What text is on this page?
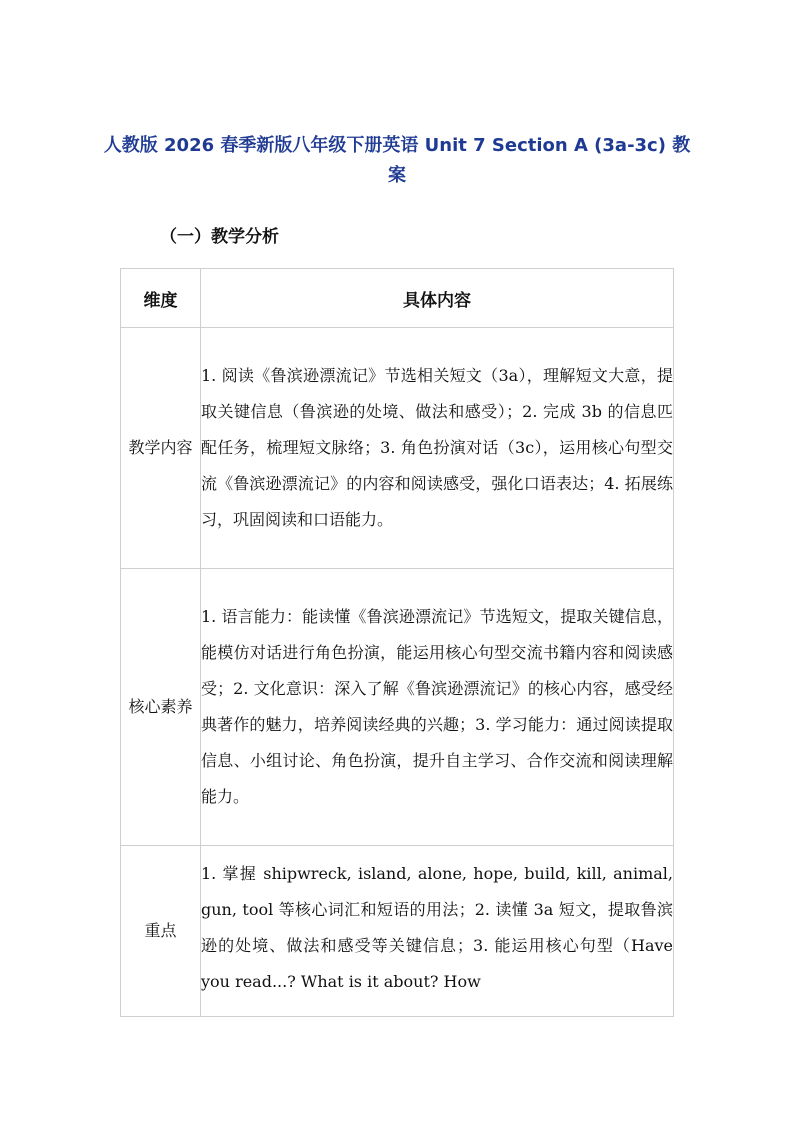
人教版 2026 春季新版八年级下册英语 Unit 7 Section A (3a-3c) 教案
（一）教学分析
维度	具体内容
教学内容	1. 阅读《鲁滨逊漂流记》节选相关短文（3a），理解短文大意，提取关键信息（鲁滨逊的处境、做法和感受）；2. 完成 3b 的信息匹配任务，梳理短文脉络；3. 角色扮演对话（3c），运用核心句型交流《鲁滨逊漂流记》的内容和阅读感受，强化口语表达；4. 拓展练习，巩固阅读和口语能力。
核心素养	1. 语言能力：能读懂《鲁滨逊漂流记》节选短文，提取关键信息，能模仿对话进行角色扮演，能运用核心句型交流书籍内容和阅读感受；2. 文化意识：深入了解《鲁滨逊漂流记》的核心内容，感受经典著作的魅力，培养阅读经典的兴趣；3. 学习能力：通过阅读提取信息、小组讨论、角色扮演，提升自主学习、合作交流和阅读理解能力。
重点	1. 掌握 shipwreck, island, alone, hope, build, kill, animal, gun, tool 等核心词汇和短语的用法；2. 读懂 3a 短文，提取鲁滨逊的处境、做法和感受等关键信息；3. 能运用核心句型（Have you read...? What is it about? How
